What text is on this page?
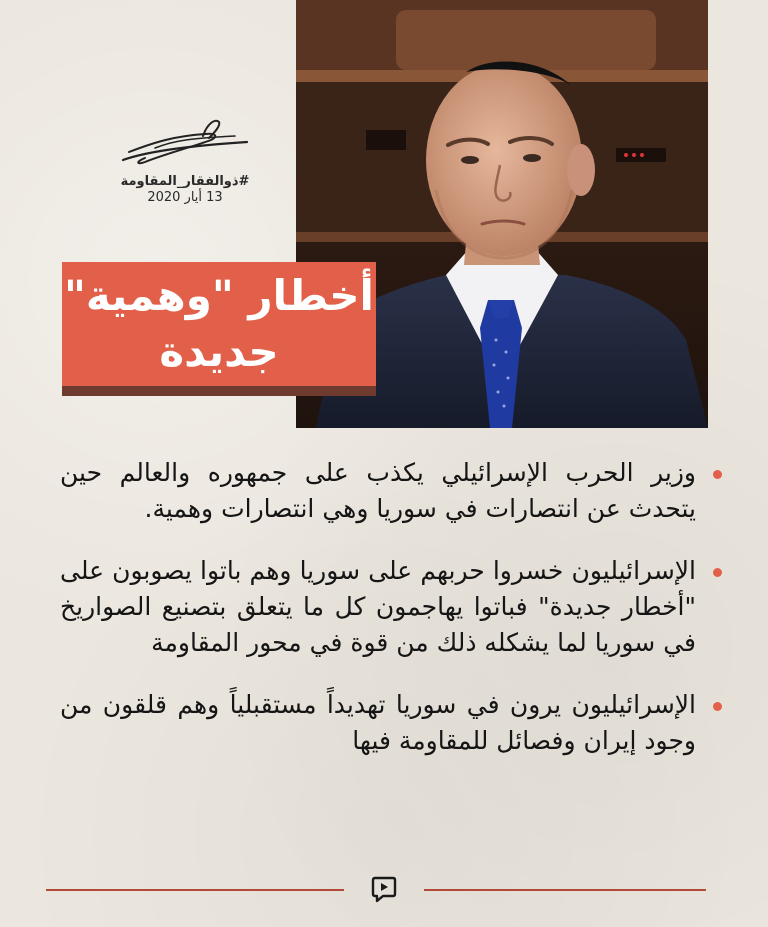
#ذوالفقار_المقاومة
13 أيار 2020
أخطار "وهمية"
جديدة
وزير الحرب الإسرائيلي يكذب على جمهوره والعالم حين يتحدث عن انتصارات في سوريا وهي انتصارات وهمية.
الإسرائيليون خسروا حربهم على سوريا وهم باتوا يصوبون على "أخطار جديدة" فباتوا يهاجمون كل ما يتعلق بتصنيع الصواريخ في سوريا لما يشكله ذلك من قوة في محور المقاومة
الإسرائيليون يرون في سوريا تهديداً مستقبلياً وهم قلقون من وجود إيران وفصائل للمقاومة فيها
